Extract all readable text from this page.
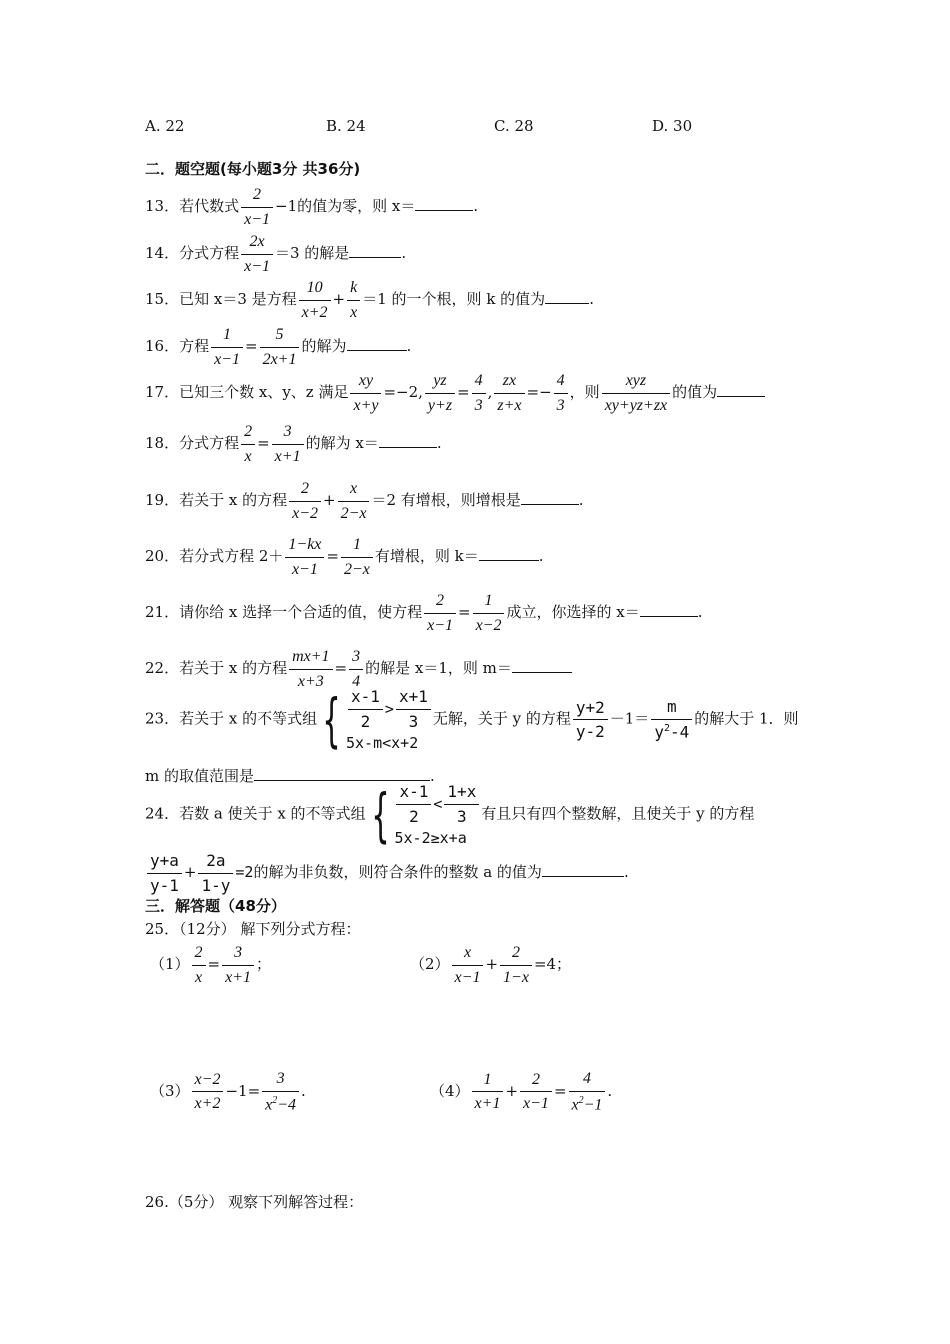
A. 22	B. 24	C. 28	D. 30
二．题空题(每小题3分 共36分)
13．若代数式 $\frac{2}{x-1} -1$的值为零，则 x＝	.
14．分式方程 $\frac{2x}{x-1} =3$ 的解是	.
15．已知 x＝3 是方程 $\frac{10}{x+2} + \frac{k}{x} =1$ 的一个根，则 k 的值为	.
16．方程 $\frac{1}{x-1} = \frac{5}{2x+1}$ 的解为	.
17．已知三个数 x、y、z 满足 $\frac{xy}{x+y} =-2$, $\frac{yz}{y+z} = \frac{4}{3}$ , $\frac{zx}{z+x} =- \frac{4}{3}$ ，则 $\frac{\text{xyz}}{xy+yz+zx}$ 的值为
18．分式方程 $\frac{2}{x} = \frac{3}{x+1}$ 的解为 x＝	.
19．若关于 x 的方程 $\frac{2}{x-2} + \frac{x}{2-x} =2$ 有增根，则增根是	.
20．若分式方程 $2+ \frac{1-kx}{x-1} = \frac{1}{2-x}$ 有增根，则 k＝	.
21．请你给 x 选择一个合适的值，使方程 $\frac{2}{x-1} = \frac{1}{x-2}$ 成立，你选择的 x＝	.
22．若关于 x 的方程 $\frac{mx+1}{x+3} = \frac{3}{4}$ 的解是 x＝1，则 m＝
23．若关于 x 的不等式组 { $\frac{x-1}{2} > \frac{x+1}{3}$
5x-m<x+2
无解，关于 y 的方程 $\frac{y+2}{y-2} -1= \frac{m}{y^2-4}$ 的解大于 1．则
m 的取值范围是	.
24．若数 a 使关于 x 的不等式组 { $\frac{x-1}{2} < \frac{1+x}{3}$
5x-2≥x+a
有且只有四个整数解，且使关于 y 的方程
$\frac{y+a}{y-1} + \frac{2a}{1-y} =2$的解为非负数，则符合条件的整数 a 的值为	.
三．解答题（48分）
25．（12分） 解下列分式方程：
$(1) \frac{2}{x} = \frac{3}{x+1}$ ；	$(2) \frac{x}{x-1} + \frac{2}{1-x} =4$；
$(3) \frac{x-2}{x+2} -1= \frac{3}{x^2-4}$ .	$(4) \frac{1}{x+1} + \frac{2}{x-1} = \frac{4}{x^2-1}$ .
26.（5分） 观察下列解答过程：
